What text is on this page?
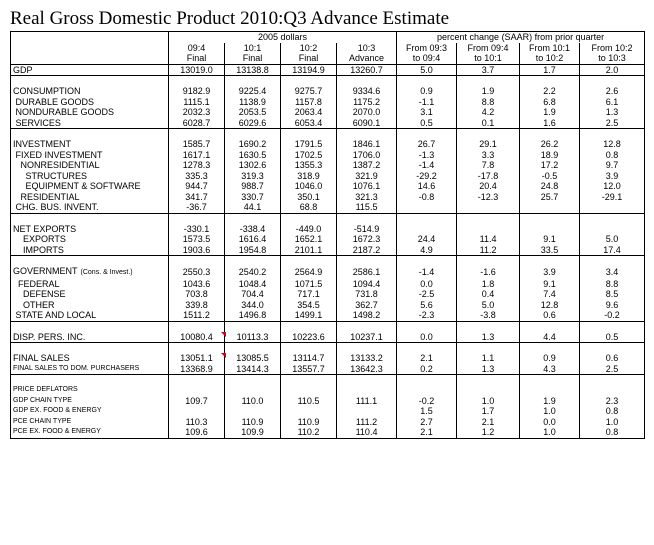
Real Gross Domestic Product 2010:Q3 Advance Estimate
	2005 dollars				percent change (SAAR) from prior quarter			
	09:4	10:1	10:2	10:3	From 09:3	From 09:4	From 10:1	From 10:2
	Final	Final	Final	Advance	to 09:4	to 10:1	to 10:2	to 10:3
GDP	13019.0	13138.8	13194.9	13260.7	5.0	3.7	1.7	2.0

CONSUMPTION	9182.9	9225.4	9275.7	9334.6	0.9	1.9	2.2	2.6
DURABLE GOODS	1115.1	1138.9	1157.8	1175.2	-1.1	8.8	6.8	6.1
NONDURABLE GOODS	2032.3	2053.5	2063.4	2070.0	3.1	4.2	1.9	1.3
SERVICES	6028.7	6029.6	6053.4	6090.1	0.5	0.1	1.6	2.5

INVESTMENT	1585.7	1690.2	1791.5	1846.1	26.7	29.1	26.2	12.8
FIXED INVESTMENT	1617.1	1630.5	1702.5	1706.0	-1.3	3.3	18.9	0.8
NONRESIDENTIAL	1278.3	1302.6	1355.3	1387.2	-1.4	7.8	17.2	9.7
STRUCTURES	335.3	319.3	318.9	321.9	-29.2	-17.8	-0.5	3.9
EQUIPMENT & SOFTWARE	944.7	988.7	1046.0	1076.1	14.6	20.4	24.8	12.0
RESIDENTIAL	341.7	330.7	350.1	321.3	-0.8	-12.3	25.7	-29.1
CHG. BUS. INVENT.	-36.7	44.1	68.8	115.5				

NET EXPORTS	-330.1	-338.4	-449.0	-514.9				
EXPORTS	1573.5	1616.4	1652.1	1672.3	24.4	11.4	9.1	5.0
IMPORTS	1903.6	1954.8	2101.1	2187.2	4.9	11.2	33.5	17.4

GOVERNMENT (Cons. & Invest.)	2550.3	2540.2	2564.9	2586.1	-1.4	-1.6	3.9	3.4
FEDERAL	1043.6	1048.4	1071.5	1094.4	0.0	1.8	9.1	8.8
DEFENSE	703.8	704.4	717.1	731.8	-2.5	0.4	7.4	8.5
OTHER	339.8	344.0	354.5	362.7	5.6	5.0	12.8	9.6
STATE AND LOCAL	1511.2	1496.8	1499.1	1498.2	-2.3	-3.8	0.6	-0.2

DISP. PERS. INC.	10080.4	10113.3	10223.6	10237.1	0.0	1.3	4.4	0.5

FINAL SALES	13051.1	13085.5	13114.7	13133.2	2.1	1.1	0.9	0.6
FINAL SALES TO DOM. PURCHASERS	13368.9	13414.3	13557.7	13642.3	0.2	1.3	4.3	2.5

PRICE DEFLATORS								
GDP CHAIN TYPE	109.7	110.0	110.5	111.1	-0.2	1.0	1.9	2.3
GDP EX. FOOD & ENERGY					1.5	1.7	1.0	0.8
PCE CHAIN TYPE	110.3	110.9	110.9	111.2	2.7	2.1	0.0	1.0
PCE EX. FOOD & ENERGY	109.6	109.9	110.2	110.4	2.1	1.2	1.0	0.8
